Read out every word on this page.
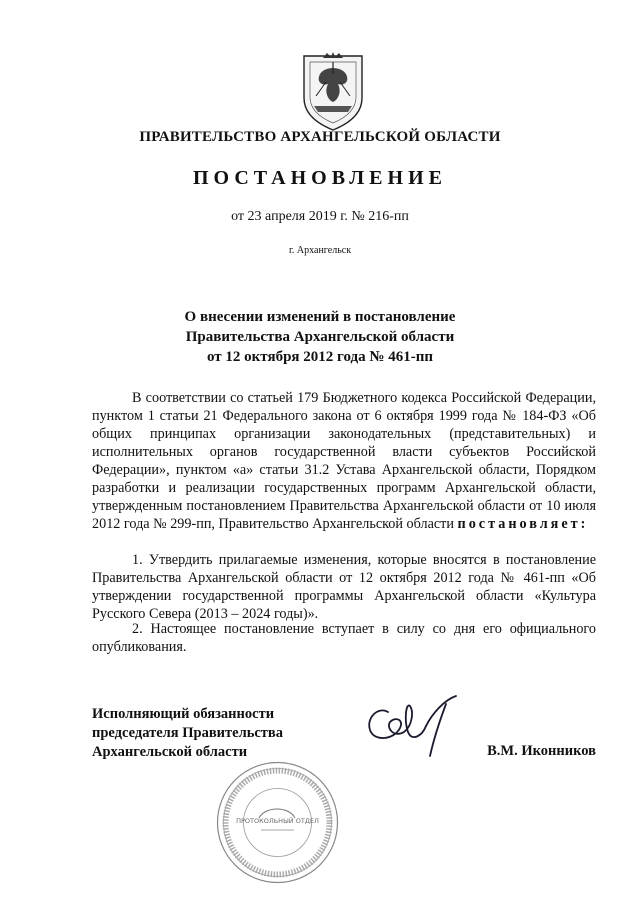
ПРАВИТЕЛЬСТВО АРХАНГЕЛЬСКОЙ ОБЛАСТИ
ПОСТАНОВЛЕНИЕ
от 23 апреля 2019 г. № 216-пп
г. Архангельск
О внесении изменений в постановление
Правительства Архангельской области
от 12 октября 2012 года № 461-пп
В соответствии со статьей 179 Бюджетного кодекса Российской Федерации, пунктом 1 статьи 21 Федерального закона от 6 октября 1999 года № 184-ФЗ «Об общих принципах организации законодательных (представительных) и исполнительных органов государственной власти субъектов Российской Федерации», пунктом «а» статьи 31.2 Устава Архангельской области, Порядком разработки и реализации государственных программ Архангельской области, утвержденным постановлением Правительства Архангельской области от 10 июля 2012 года № 299-пп, Правительство Архангельской области постановляет:
1. Утвердить прилагаемые изменения, которые вносятся в постановление Правительства Архангельской области от 12 октября 2012 года № 461-пп «Об утверждении государственной программы Архангельской области «Культура Русского Севера (2013 – 2024 годы)».
2. Настоящее постановление вступает в силу со дня его официального опубликования.
Исполняющий обязанности
председателя Правительства
Архангельской области	В.М. Иконников
ПРОТОКОЛЬНЫЙ ОТДЕЛ
